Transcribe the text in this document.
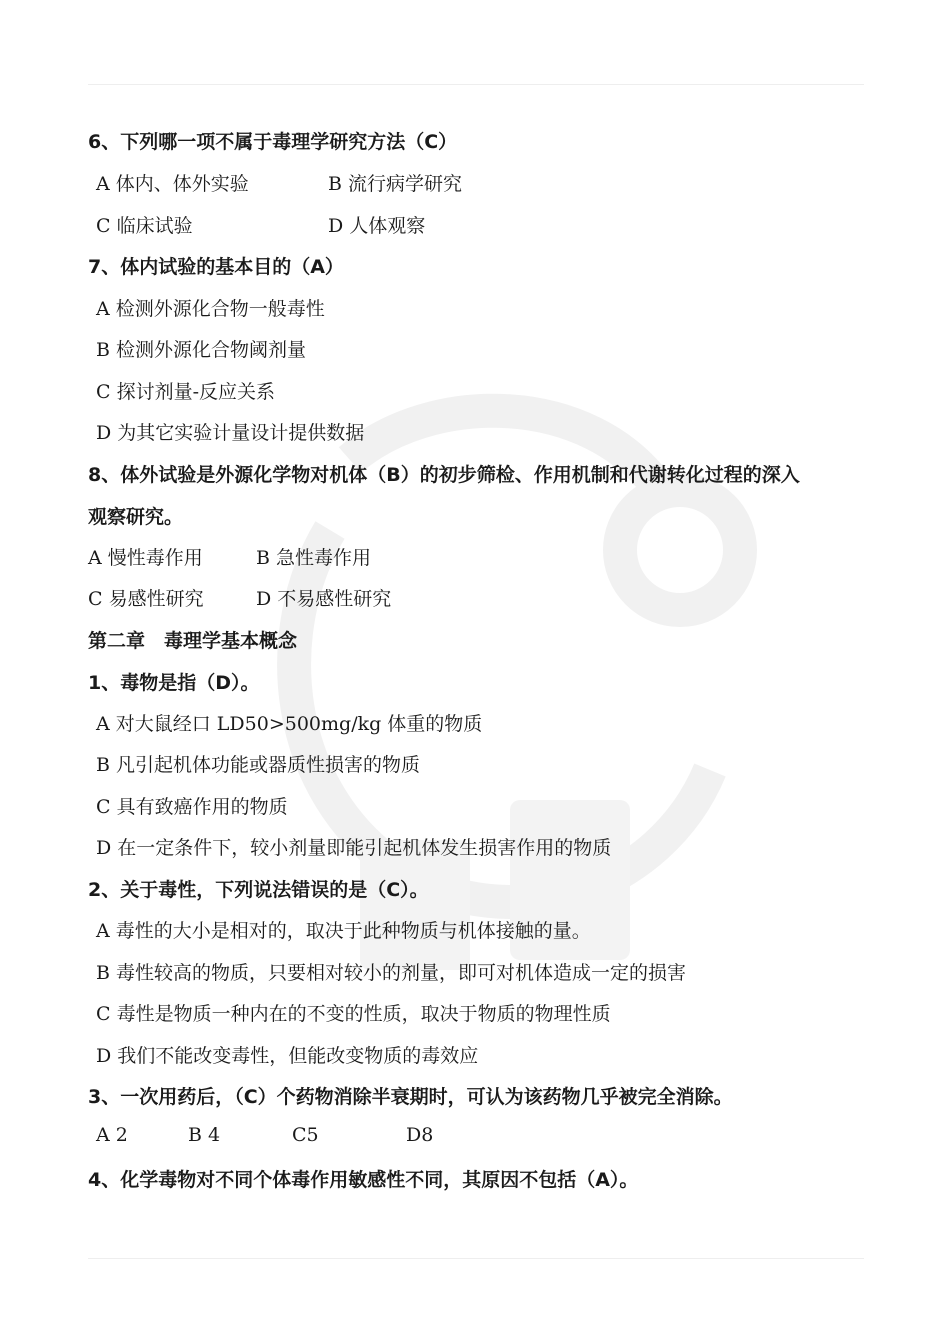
6、下列哪一项不属于毒理学研究方法（C）
A 体内、体外实验	B 流行病学研究
C 临床试验	D 人体观察
7、体内试验的基本目的（A）
A 检测外源化合物一般毒性
B 检测外源化合物阈剂量
C 探讨剂量-反应关系
D 为其它实验计量设计提供数据
8、体外试验是外源化学物对机体（B）的初步筛检、作用机制和代谢转化过程的深入
观察研究。
A 慢性毒作用	B 急性毒作用
C 易感性研究	D 不易感性研究
第二章　毒理学基本概念
1、毒物是指（D）。
A 对大鼠经口 LD50>500mg/kg 体重的物质
B 凡引起机体功能或器质性损害的物质
C 具有致癌作用的物质
D 在一定条件下，较小剂量即能引起机体发生损害作用的物质
2、关于毒性，下列说法错误的是（C）。
A 毒性的大小是相对的，取决于此种物质与机体接触的量。
B 毒性较高的物质，只要相对较小的剂量，即可对机体造成一定的损害
C 毒性是物质一种内在的不变的性质，取决于物质的物理性质
D 我们不能改变毒性，但能改变物质的毒效应
3、一次用药后，（C）个药物消除半衰期时，可认为该药物几乎被完全消除。
A 2	B 4	C5	D8
4、化学毒物对不同个体毒作用敏感性不同，其原因不包括（A）。
